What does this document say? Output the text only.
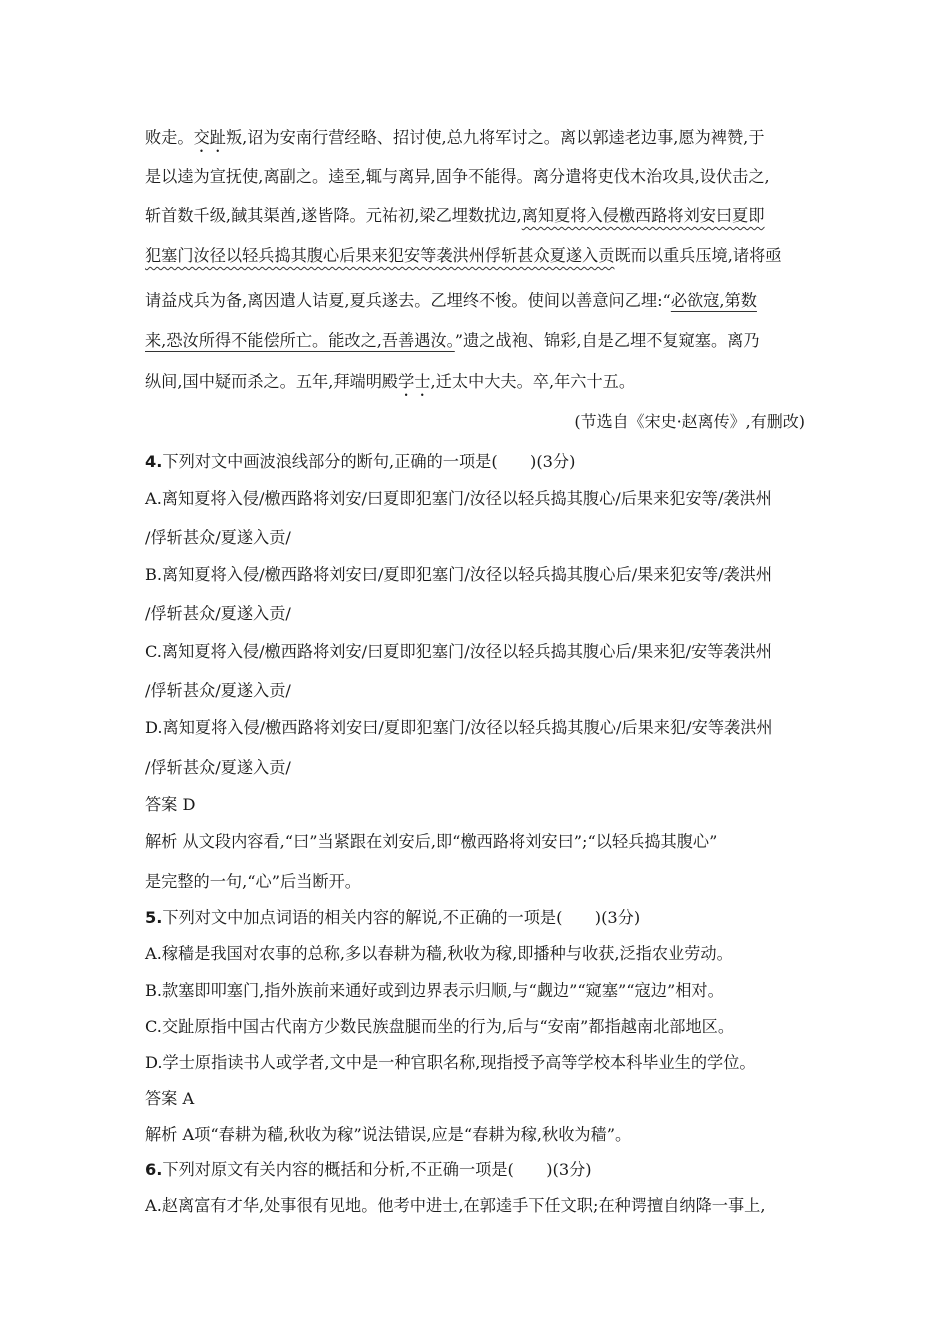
败走。交趾叛,诏为安南行营经略、招讨使,总九将军讨之。离以郭逵老边事,愿为裨赞,于
是以逵为宣抚使,离副之。逵至,辄与离异,固争不能得。离分遣将吏伐木治攻具,设伏击之,
斩首数千级,馘其渠酋,遂皆降。元祐初,梁乙埋数扰边,离知夏将入侵檄西路将刘安曰夏即
犯塞门汝径以轻兵捣其腹心后果来犯安等袭洪州俘斩甚众夏遂入贡既而以重兵压境,诸将亟
请益戍兵为备,离因遣人诘夏,夏兵遂去。乙埋终不悛。使间以善意问乙埋:“必欲寇,第数
来,恐汝所得不能偿所亡。能改之,吾善遇汝。”遗之战袍、锦彩,自是乙埋不复窥塞。离乃
纵间,国中疑而杀之。五年,拜端明殿学士,迁太中大夫。卒,年六十五。
(节选自《宋史·赵离传》,有删改)
4.下列对文中画波浪线部分的断句,正确的一项是(　　)(3分)
A.离知夏将入侵/檄西路将刘安/曰夏即犯塞门/汝径以轻兵捣其腹心/后果来犯安等/袭洪州
/俘斩甚众/夏遂入贡/
B.离知夏将入侵/檄西路将刘安曰/夏即犯塞门/汝径以轻兵捣其腹心后/果来犯安等/袭洪州
/俘斩甚众/夏遂入贡/
C.离知夏将入侵/檄西路将刘安/曰夏即犯塞门/汝径以轻兵捣其腹心后/果来犯/安等袭洪州
/俘斩甚众/夏遂入贡/
D.离知夏将入侵/檄西路将刘安曰/夏即犯塞门/汝径以轻兵捣其腹心/后果来犯/安等袭洪州
/俘斩甚众/夏遂入贡/
答案 D
解析 从文段内容看,“曰”当紧跟在刘安后,即“檄西路将刘安曰”;“以轻兵捣其腹心”
是完整的一句,“心”后当断开。
5.下列对文中加点词语的相关内容的解说,不正确的一项是(　　)(3分)
A.稼穑是我国对农事的总称,多以春耕为穑,秋收为稼,即播种与收获,泛指农业劳动。
B.款塞即叩塞门,指外族前来通好或到边界表示归顺,与“觑边”“窥塞”“寇边”相对。
C.交趾原指中国古代南方少数民族盘腿而坐的行为,后与“安南”都指越南北部地区。
D.学士原指读书人或学者,文中是一种官职名称,现指授予高等学校本科毕业生的学位。
答案 A
解析 A项“春耕为穑,秋收为稼”说法错误,应是“春耕为稼,秋收为穑”。
6.下列对原文有关内容的概括和分析,不正确一项是(　　)(3分)
A.赵离富有才华,处事很有见地。他考中进士,在郭逵手下任文职;在种谔擅自纳降一事上,
